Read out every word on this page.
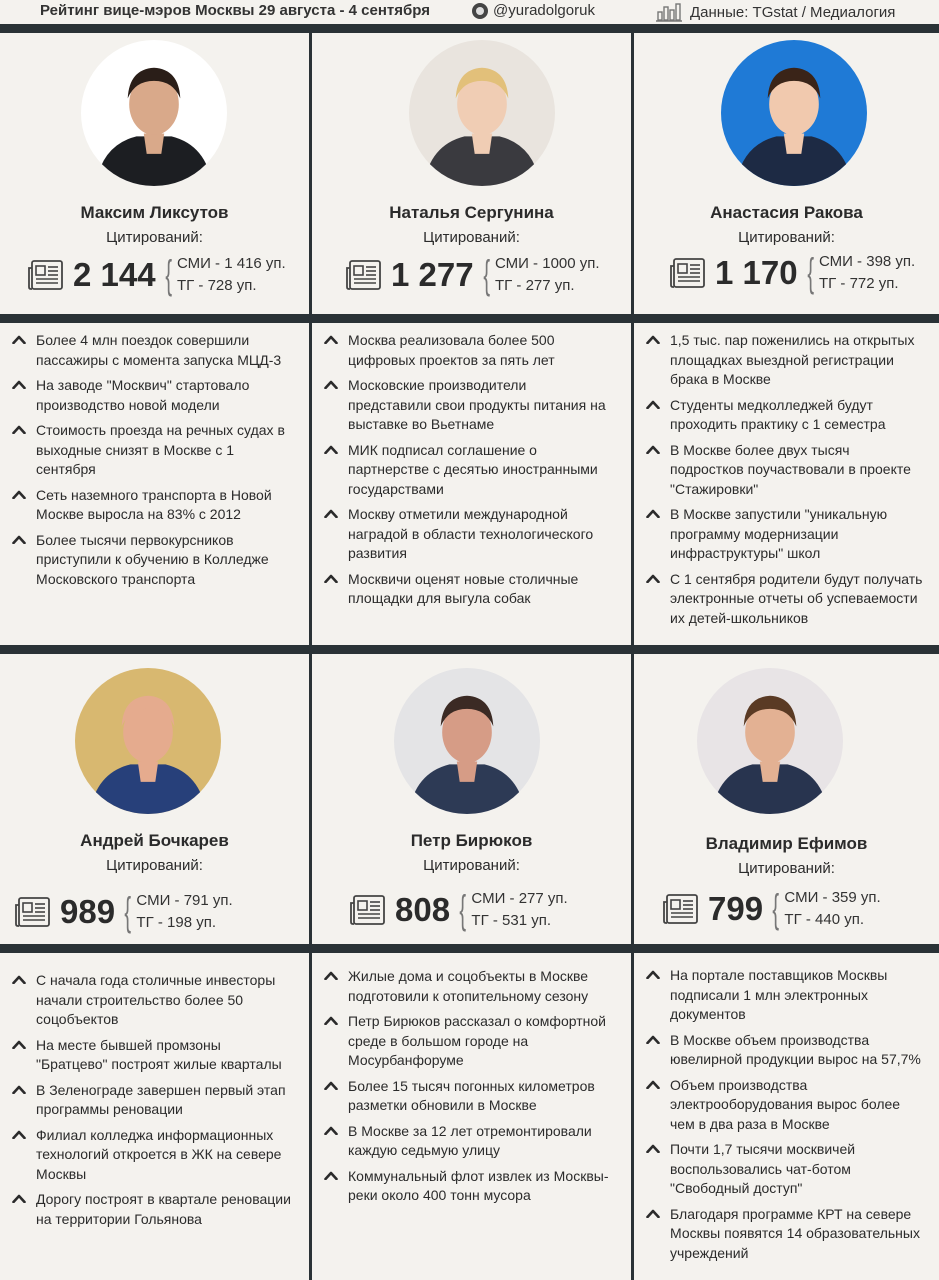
Рейтинг вице-мэров Москвы 29 августа - 4 сентября	@yuradolgoruk	Данные: TGstat / Медиалогия
Максим Ликсутов
Цитирований:
2 144 { СМИ - 1 416 уп.
ТГ - 728 уп.
Более 4 млн поездок совершили пассажиры с момента запуска МЦД-3
На заводе "Москвич" стартовало производство новой модели
Стоимость проезда на речных судах в выходные снизят в Москве с 1 сентября
Сеть наземного транспорта в Новой Москве выросла на 83% с 2012
Более тысячи первокурсников приступили к обучению в Колледже Московского транспорта
Наталья Сергунина
Цитирований:
1 277 { СМИ - 1000 уп.
ТГ - 277 уп.
Москва реализовала более 500 цифровых проектов за пять лет
Московские производители представили свои продукты питания на выставке во Вьетнаме
МИК подписал соглашение о партнерстве с десятью иностранными государствами
Москву отметили международной наградой в области технологического развития
Москвичи оценят новые столичные площадки для выгула собак
Анастасия Ракова
Цитирований:
1 170 { СМИ - 398 уп.
ТГ - 772 уп.
1,5 тыс. пар поженились на открытых площадках выездной регистрации брака в Москве
Студенты медколледжей будут проходить практику с 1 семестра
В Москве более двух тысяч подростков поучаствовали в проекте "Стажировки"
В Москве запустили "уникальную программу модернизации инфраструктуры" школ
С 1 сентября родители будут получать электронные отчеты об успеваемости их детей-школьников
Андрей Бочкарев
Цитирований:
989 { СМИ - 791 уп.
ТГ - 198 уп.
С начала года столичные инвесторы начали строительство более 50 соцобъектов
На месте бывшей промзоны "Братцево" построят жилые кварталы
В Зеленограде завершен первый этап программы реновации
Филиал колледжа информационных технологий откроется в ЖК на севере Москвы
Дорогу построят в квартале реновации на территории Гольянова
Петр Бирюков
Цитирований:
808 { СМИ - 277 уп.
ТГ - 531 уп.
Жилые дома и соцобъекты в Москве подготовили к отопительному сезону
Петр Бирюков рассказал о комфортной среде в большом городе на Мосурбанфоруме
Более 15 тысяч погонных километров разметки обновили в Москве
В Москве за 12 лет отремонтировали каждую седьмую улицу
Коммунальный флот извлек из Москвы-реки около 400 тонн мусора
Владимир Ефимов
Цитирований:
799 { СМИ - 359 уп.
ТГ - 440 уп.
На портале поставщиков Москвы подписали 1 млн электронных документов
В Москве объем производства ювелирной продукции вырос на 57,7%
Объем производства электрооборудования вырос более чем в два раза в Москве
Почти 1,7 тысячи москвичей воспользовались чат-ботом "Свободный доступ"
Благодаря программе КРТ на севере Москвы появятся 14 образовательных учреждений
